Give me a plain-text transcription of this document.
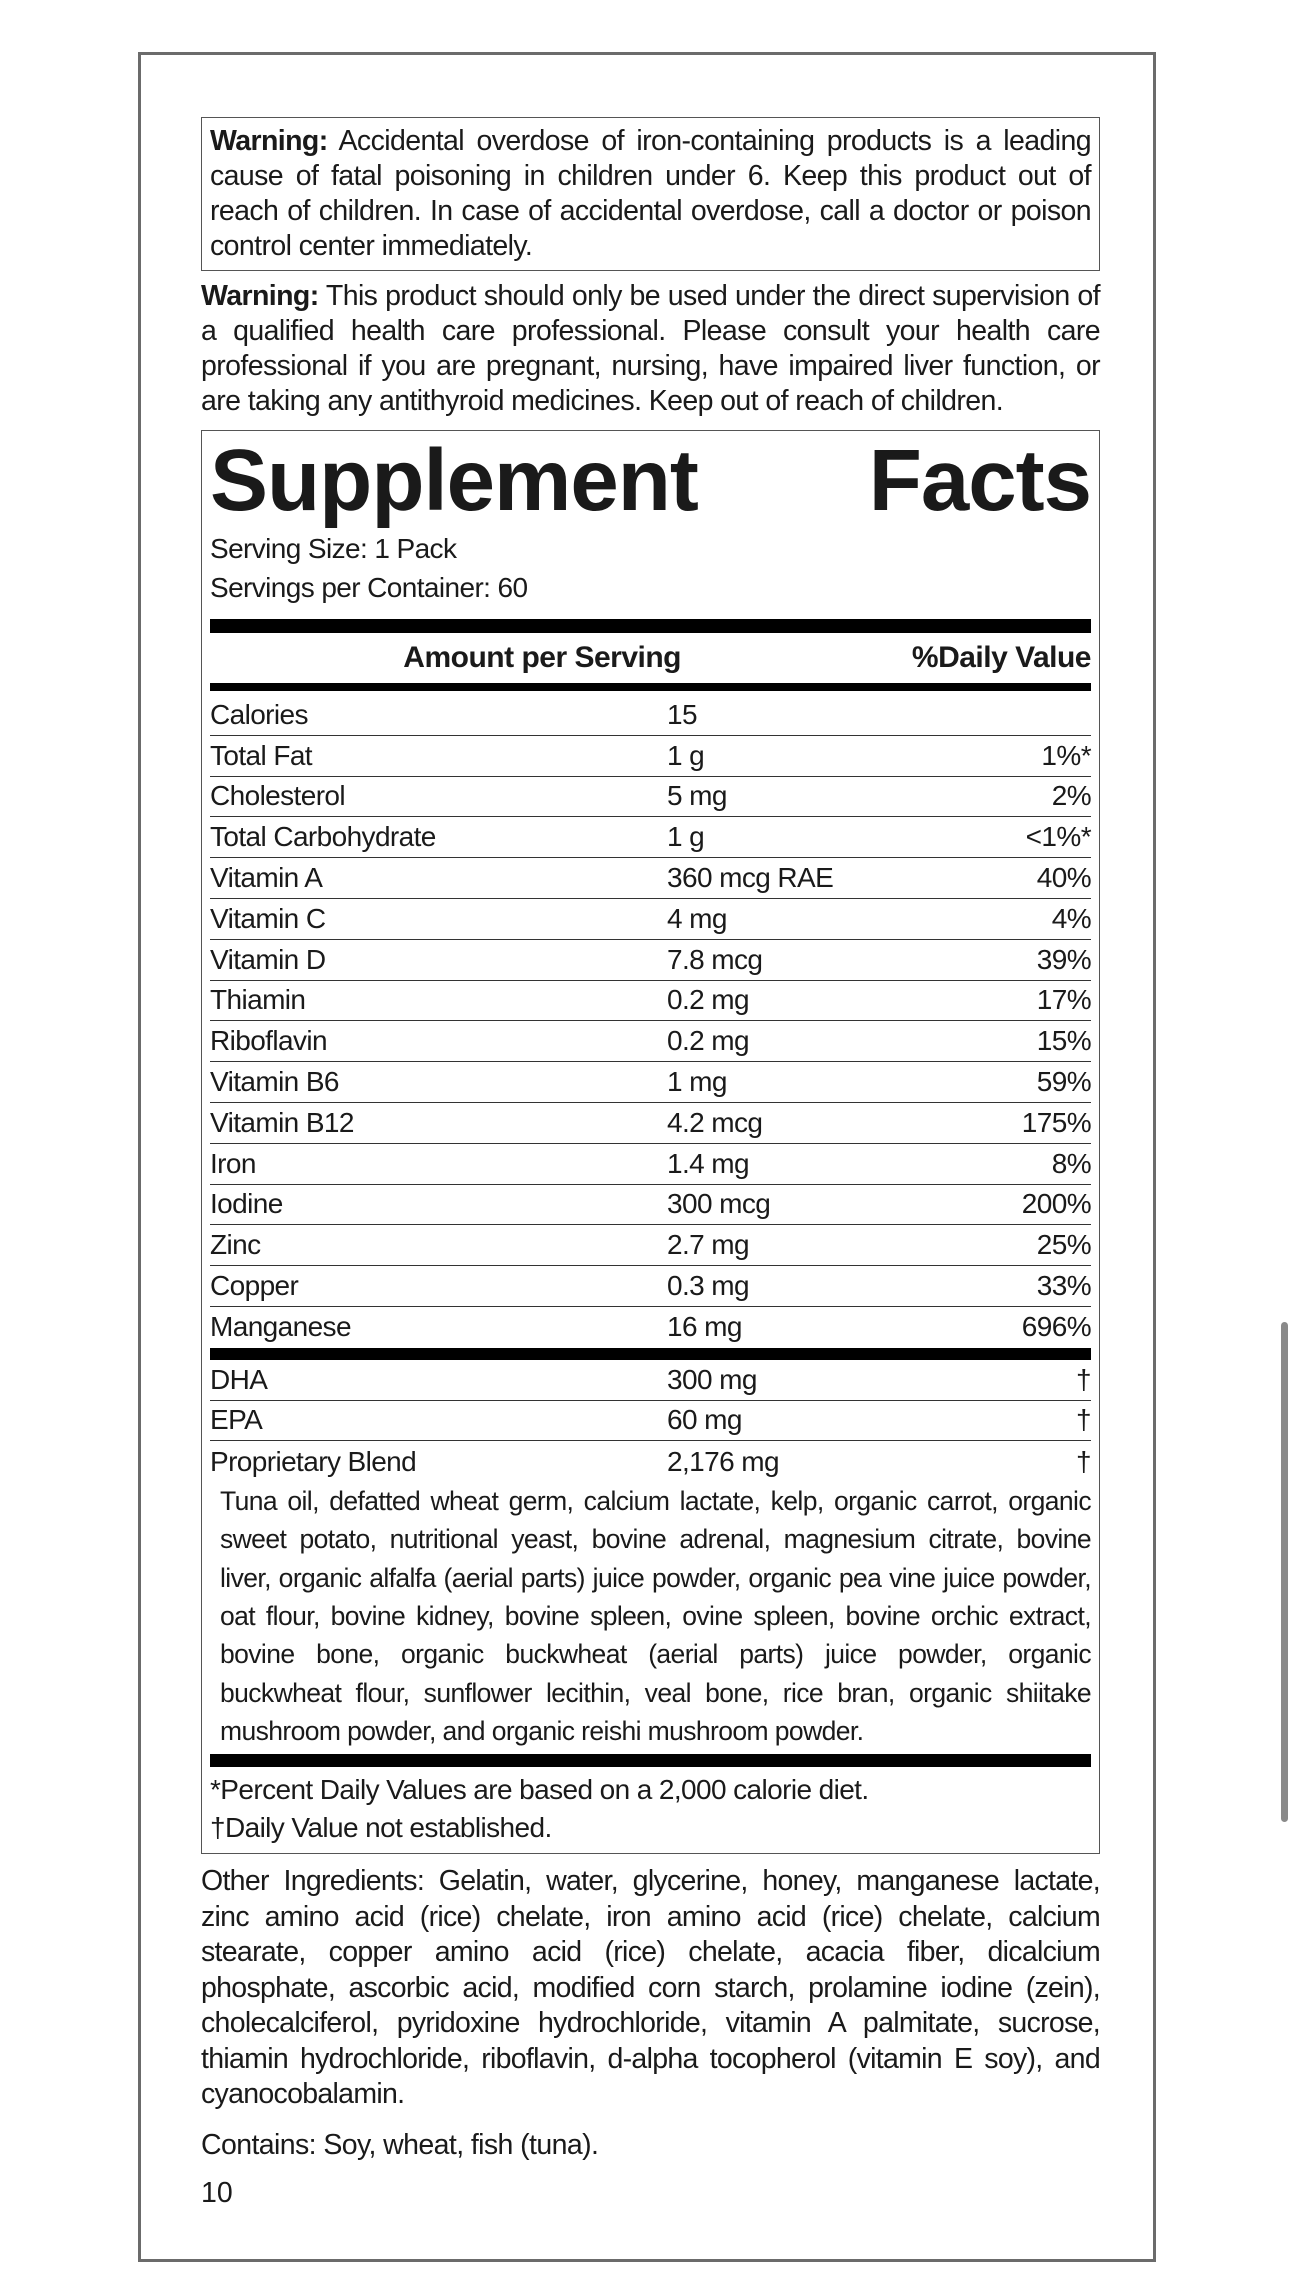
Warning: Accidental overdose of iron-containing products is a leading cause of fatal poisoning in children under 6. Keep this product out of reach of children. In case of accidental overdose, call a doctor or poison control center immediately.
Warning: This product should only be used under the direct supervision of a qualified health care professional. Please consult your health care professional if you are pregnant, nursing, have impaired liver function, or are taking any antithyroid medicines. Keep out of reach of children.
Supplement Facts
Serving Size: 1 Pack
Servings per Container: 60
Amount per Serving	%Daily Value
Calories	15
Total Fat	1 g	1%*
Cholesterol	5 mg	2%
Total Carbohydrate	1 g	<1%*
Vitamin A	360 mcg RAE	40%
Vitamin C	4 mg	4%
Vitamin D	7.8 mcg	39%
Thiamin	0.2 mg	17%
Riboflavin	0.2 mg	15%
Vitamin B6	1 mg	59%
Vitamin B12	4.2 mcg	175%
Iron	1.4 mg	8%
Iodine	300 mcg	200%
Zinc	2.7 mg	25%
Copper	0.3 mg	33%
Manganese	16 mg	696%
DHA	300 mg	†
EPA	60 mg	†
Proprietary Blend	2,176 mg	†
Tuna oil, defatted wheat germ, calcium lactate, kelp, organic carrot, organic sweet potato, nutritional yeast, bovine adrenal, magnesium citrate, bovine liver, organic alfalfa (aerial parts) juice powder, organic pea vine juice powder, oat flour, bovine kidney, bovine spleen, ovine spleen, bovine orchic extract, bovine bone, organic buckwheat (aerial parts) juice powder, organic buckwheat flour, sunflower lecithin, veal bone, rice bran, organic shiitake mushroom powder, and organic reishi mushroom powder.
*Percent Daily Values are based on a 2,000 calorie diet.
†Daily Value not established.
Other Ingredients: Gelatin, water, glycerine, honey, manganese lactate, zinc amino acid (rice) chelate, iron amino acid (rice) chelate, calcium stearate, copper amino acid (rice) chelate, acacia fiber, dicalcium phosphate, ascorbic acid, modified corn starch, prolamine iodine (zein), cholecalciferol, pyridoxine hydrochloride, vitamin A palmitate, sucrose, thiamin hydrochloride, riboflavin, d-alpha tocopherol (vitamin E soy), and cyanocobalamin.
Contains: Soy, wheat, fish (tuna).
10
